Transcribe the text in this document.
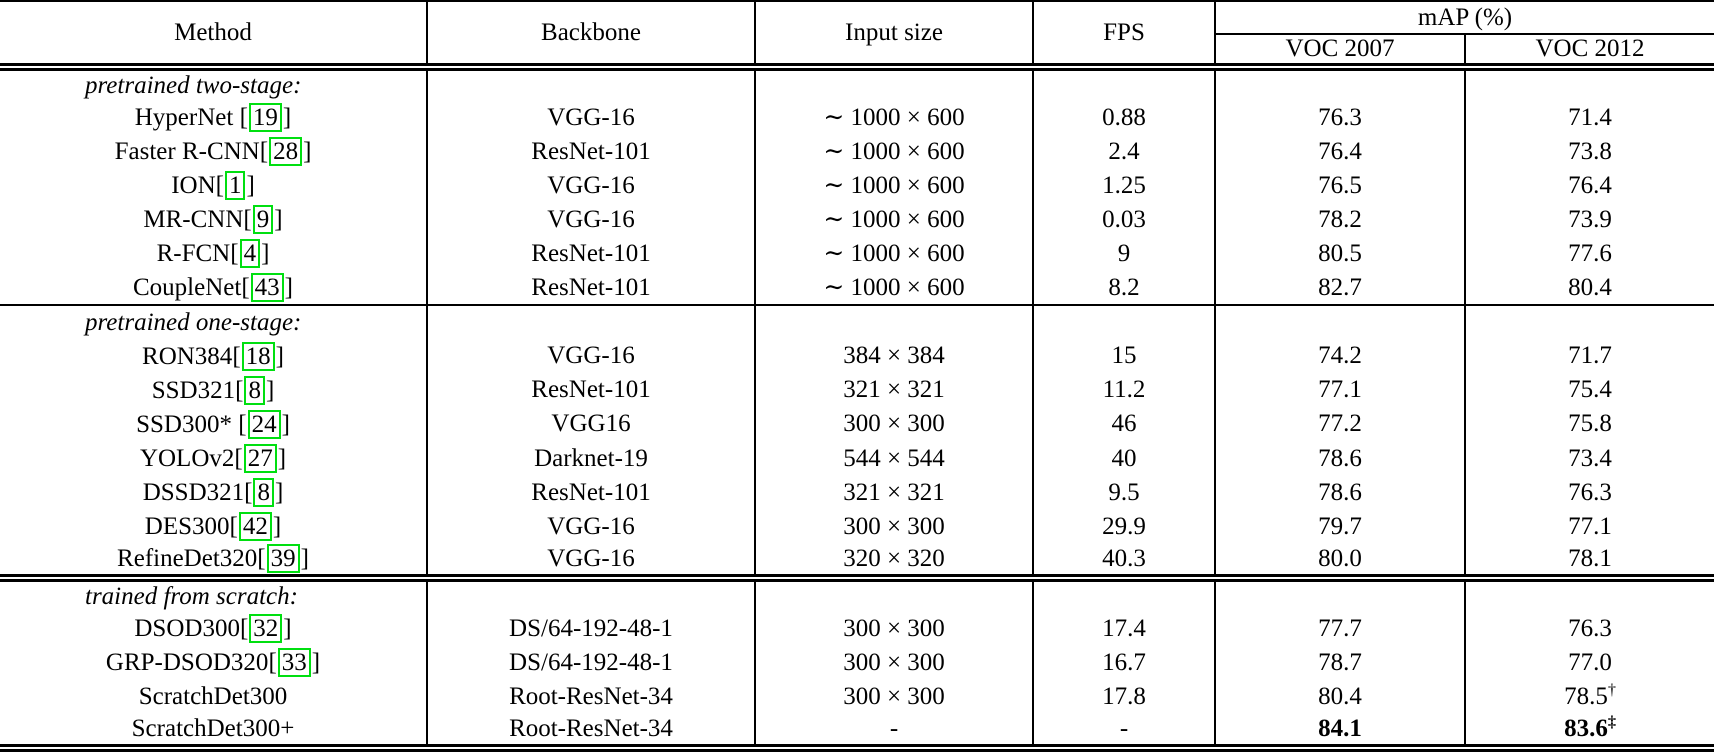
Method	Backbone	Input size	FPS	mAP (%)	
				VOC 2007	VOC 2012
pretrained two-stage:					
HyperNet [ 19 ]	VGG-16	∼ 1000 × 600	0.88	76.3	71.4
Faster R-CNN[ 28 ]	ResNet-101	∼ 1000 × 600	2.4	76.4	73.8
ION[ 1 ]	VGG-16	∼ 1000 × 600	1.25	76.5	76.4
MR-CNN[ 9 ]	VGG-16	∼ 1000 × 600	0.03	78.2	73.9
R-FCN[ 4 ]	ResNet-101	∼ 1000 × 600	9	80.5	77.6
CoupleNet[ 43 ]	ResNet-101	∼ 1000 × 600	8.2	82.7	80.4
pretrained one-stage:					
RON384[ 18 ]	VGG-16	384 × 384	15	74.2	71.7
SSD321[ 8 ]	ResNet-101	321 × 321	11.2	77.1	75.4
SSD300* [ 24 ]	VGG16	300 × 300	46	77.2	75.8
YOLOv2[ 27 ]	Darknet-19	544 × 544	40	78.6	73.4
DSSD321[ 8 ]	ResNet-101	321 × 321	9.5	78.6	76.3
DES300[ 42 ]	VGG-16	300 × 300	29.9	79.7	77.1
RefineDet320[ 39 ]	VGG-16	320 × 320	40.3	80.0	78.1
trained from scratch:					
DSOD300[ 32 ]	DS/64-192-48-1	300 × 300	17.4	77.7	76.3
GRP-DSOD320[ 33 ]	DS/64-192-48-1	300 × 300	16.7	78.7	77.0
ScratchDet300	Root-ResNet-34	300 × 300	17.8	80.4	78.5†
ScratchDet300+	Root-ResNet-34	-	-	84.1	83.6‡
